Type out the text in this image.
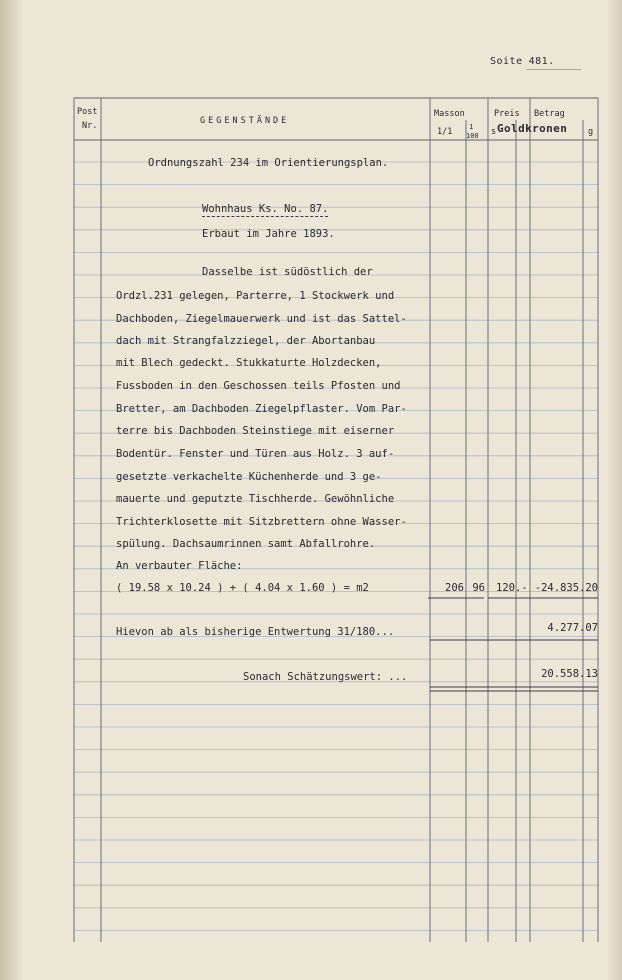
Soite 481.
Post
Nr.	GEGENSTÄNDE
Masson	Preis Betrag
1/1 1
100 s Goldkronen g
Ordnungszahl 234 im Orientierungsplan.
Wohnhaus Ks. No. 87.
Erbaut im Jahre 1893.
Dasselbe ist südöstlich der
Ordzl.231 gelegen, Parterre, 1 Stockwerk und
Dachboden, Ziegelmauerwerk und ist das Sattel-
dach mit Strangfalzziegel, der Abortanbau
mit Blech gedeckt. Stukkaturte Holzdecken,
Fussboden in den Geschossen teils Pfosten und
Bretter, am Dachboden Ziegelpflaster. Vom Par-
terre bis Dachboden Steinstiege mit eiserner
Bodentür. Fenster und Türen aus Holz. 3 auf-
gesetzte verkachelte Küchenherde und 3 ge-
mauerte und geputzte Tischherde. Gewöhnliche
Trichterklosette mit Sitzbrettern ohne Wasser-
spülung. Dachsaumrinnen samt Abfallrohre.
An verbauter Fläche:
( 19.58 x 10.24 ) + ( 4.04 x 1.60 ) = m2	206 96 120.- -24.835.20
Hievon ab als bisherige Entwertung 31/180...	4.277.07
Sonach Schätzungswert: ...	20.558.13
